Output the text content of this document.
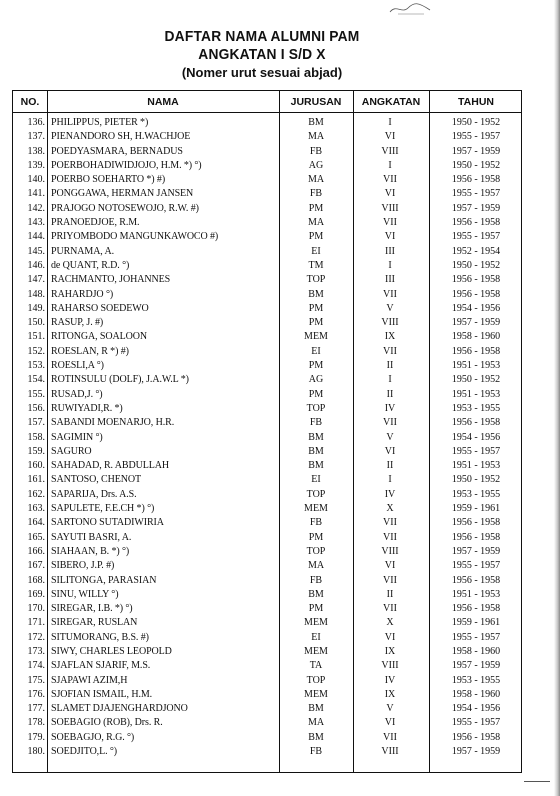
DAFTAR NAMA ALUMNI PAM
ANGKATAN I S/D X
(Nomer urut sesuai abjad)
NO.	NAMA	JURUSAN	ANGKATAN	TAHUN
136. PHILIPPUS, PIETER *)	BM	I	1950 - 1952
137. PIENANDORO SH, H.WACHJOE	MA	VI	1955 - 1957
138. POEDYASMARA, BERNADUS	FB	VIII	1957 - 1959
139. POERBOHADIWIDJOJO, H.M. *) °)	AG	I	1950 - 1952
140. POERBO SOEHARTO *) #)	MA	VII	1956 - 1958
141. PONGGAWA, HERMAN JANSEN	FB	VI	1955 - 1957
142. PRAJOGO NOTOSEWOJO, R.W. #)	PM	VIII	1957 - 1959
143. PRANOEDJOE, R.M.	MA	VII	1956 - 1958
144. PRIYOMBODO MANGUNKAWOCO #)	PM	VI	1955 - 1957
145. PURNAMA, A.	EI	III	1952 - 1954
146. de QUANT, R.D. °)	TM	I	1950 - 1952
147. RACHMANTO, JOHANNES	TOP	III	1956 - 1958
148. RAHARDJO °)	BM	VII	1956 - 1958
149. RAHARSO SOEDEWO	PM	V	1954 - 1956
150. RASUP, J. #)	PM	VIII	1957 - 1959
151. RITONGA, SOALOON	MEM	IX	1958 - 1960
152. ROESLAN, R *) #)	EI	VII	1956 - 1958
153. ROESLI,A °)	PM	II	1951 - 1953
154. ROTINSULU (DOLF), J.A.W.L *)	AG	I	1950 - 1952
155. RUSAD,J. °)	PM	II	1951 - 1953
156. RUWIYADI,R. *)	TOP	IV	1953 - 1955
157. SABANDI MOENARJO, H.R.	FB	VII	1956 - 1958
158. SAGIMIN °)	BM	V	1954 - 1956
159. SAGURO	BM	VI	1955 - 1957
160. SAHADAD, R. ABDULLAH	BM	II	1951 - 1953
161. SANTOSO, CHENOT	EI	I	1950 - 1952
162. SAPARIJA, Drs. A.S.	TOP	IV	1953 - 1955
163. SAPULETE, F.E.CH *) °)	MEM	X	1959 - 1961
164. SARTONO SUTADIWIRIA	FB	VII	1956 - 1958
165. SAYUTI BASRI, A.	PM	VII	1956 - 1958
166. SIAHAAN, B. *) °)	TOP	VIII	1957 - 1959
167. SIBERO, J.P. #)	MA	VI	1955 - 1957
168. SILITONGA, PARASIAN	FB	VII	1956 - 1958
169. SINU, WILLY °)	BM	II	1951 - 1953
170. SIREGAR, I.B. *) °)	PM	VII	1956 - 1958
171. SIREGAR, RUSLAN	MEM	X	1959 - 1961
172. SITUMORANG, B.S. #)	EI	VI	1955 - 1957
173. SIWY, CHARLES LEOPOLD	MEM	IX	1958 - 1960
174. SJAFLAN SJARIF, M.S.	TA	VIII	1957 - 1959
175. SJAPAWI AZIM,H	TOP	IV	1953 - 1955
176. SJOFIAN ISMAIL, H.M.	MEM	IX	1958 - 1960
177. SLAMET DJAJENGHARDJONO	BM	V	1954 - 1956
178. SOEBAGIO (ROB), Drs. R.	MA	VI	1955 - 1957
179. SOEBAGJO, R.G. °)	BM	VII	1956 - 1958
180. SOEDJITO,L. °)	FB	VIII	1957 - 1959
